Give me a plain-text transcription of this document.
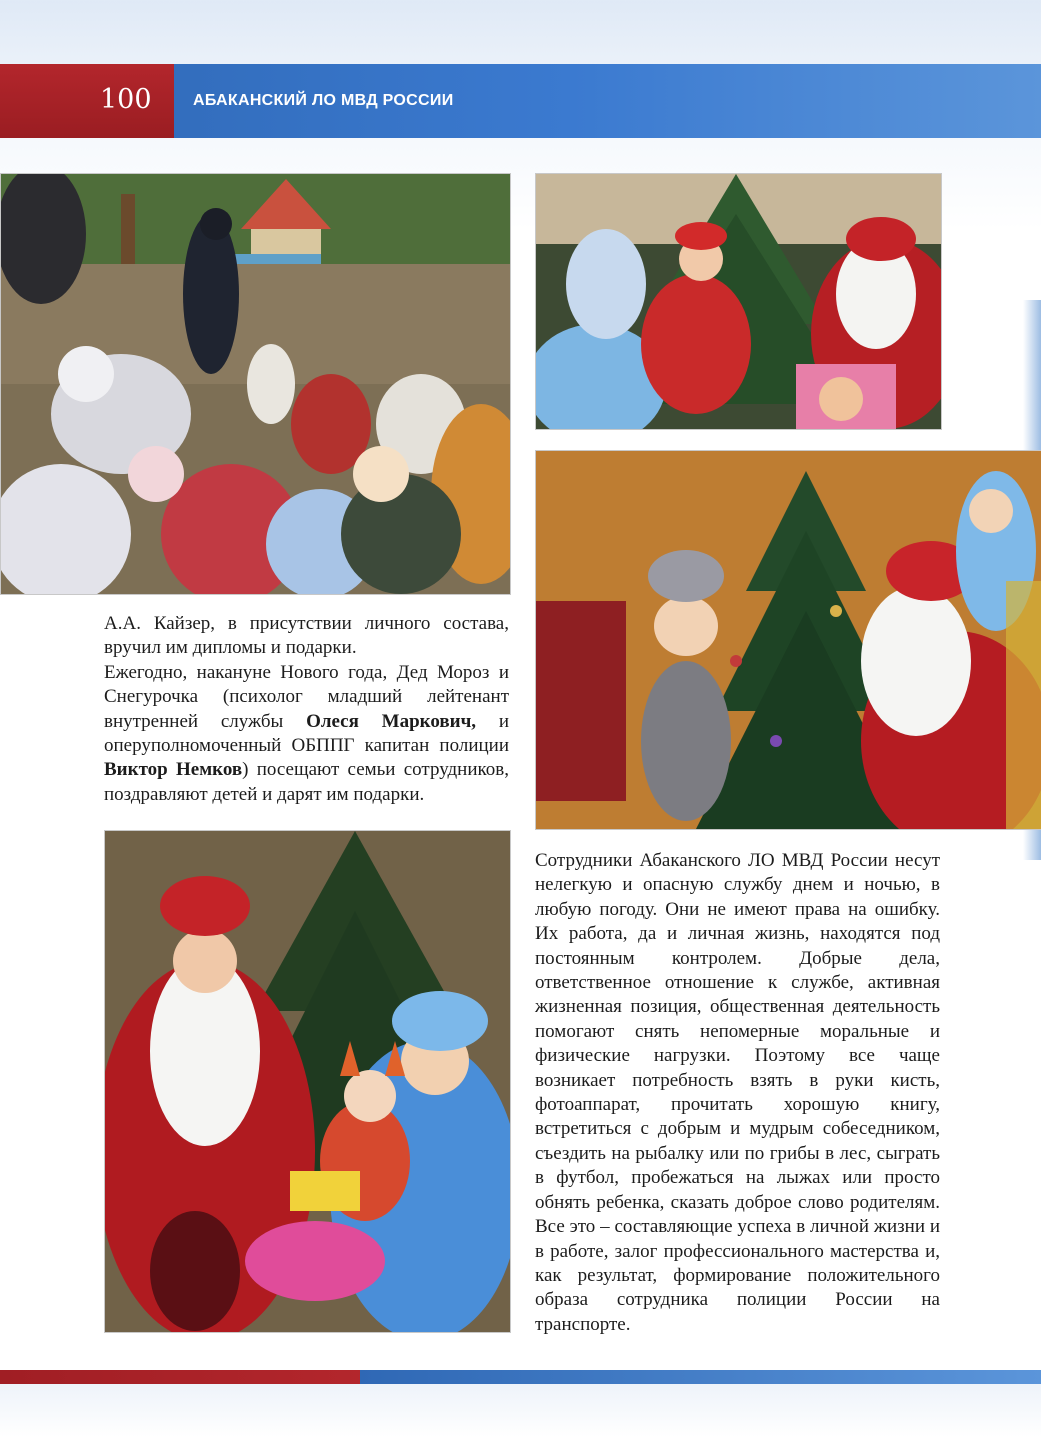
100	АБАКАНСКИЙ ЛО МВД РОССИИ

А.А. Кайзер, в присутствии личного состава, вручил им дипломы и подарки.

Ежегодно, накануне Нового года, Дед Мороз и Снегурочка (психолог младший лейтенант внутренней службы Олеся Маркович, и оперуполномоченный ОБППГ капитан полиции Виктор Немков) посещают семьи сотрудников, поздравляют детей и дарят им подарки.

Сотрудники Абаканского ЛО МВД России несут нелегкую и опасную службу днем и ночью, в любую погоду. Они не имеют права на ошибку. Их работа, да и личная жизнь, находятся под постоянным контролем. Добрые дела, ответственное отношение к службе, активная жизненная позиция, общественная деятельность помогают снять непомерные моральные и физические нагрузки. Поэтому все чаще возникает потребность взять в руки кисть, фотоаппарат, прочитать хорошую книгу, встретиться с добрым и мудрым собеседником, съездить на рыбалку или по грибы в лес, сыграть в футбол, пробежаться на лыжах или просто обнять ребенка, сказать доброе слово родителям. Все это – составляющие успеха в личной жизни и в работе, залог профессионального мастерства и, как результат, формирование положительного образа сотрудника полиции России на транспорте.
